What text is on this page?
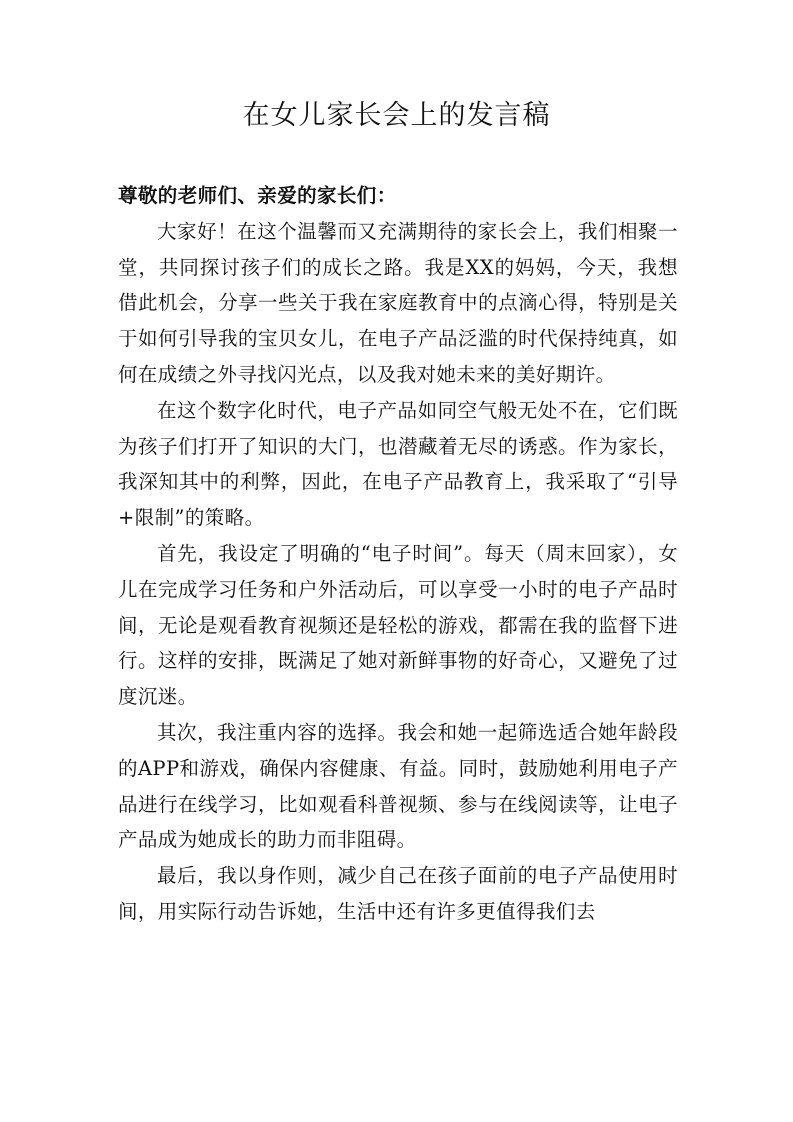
在女儿家长会上的发言稿

尊敬的老师们、亲爱的家长们：

大家好！在这个温馨而又充满期待的家长会上，我们相聚一堂，共同探讨孩子们的成长之路。我是XX的妈妈，今天，我想借此机会，分享一些关于我在家庭教育中的点滴心得，特别是关于如何引导我的宝贝女儿，在电子产品泛滥的时代保持纯真，如何在成绩之外寻找闪光点，以及我对她未来的美好期许。

在这个数字化时代，电子产品如同空气般无处不在，它们既为孩子们打开了知识的大门，也潜藏着无尽的诱惑。作为家长，我深知其中的利弊，因此，在电子产品教育上，我采取了“引导+限制”的策略。

首先，我设定了明确的“电子时间”。每天（周末回家），女儿在完成学习任务和户外活动后，可以享受一小时的电子产品时间，无论是观看教育视频还是轻松的游戏，都需在我的监督下进行。这样的安排，既满足了她对新鲜事物的好奇心，又避免了过度沉迷。

其次，我注重内容的选择。我会和她一起筛选适合她年龄段的APP和游戏，确保内容健康、有益。同时，鼓励她利用电子产品进行在线学习，比如观看科普视频、参与在线阅读等，让电子产品成为她成长的助力而非阻碍。

最后，我以身作则，减少自己在孩子面前的电子产品使用时间，用实际行动告诉她，生活中还有许多更值得我们去
